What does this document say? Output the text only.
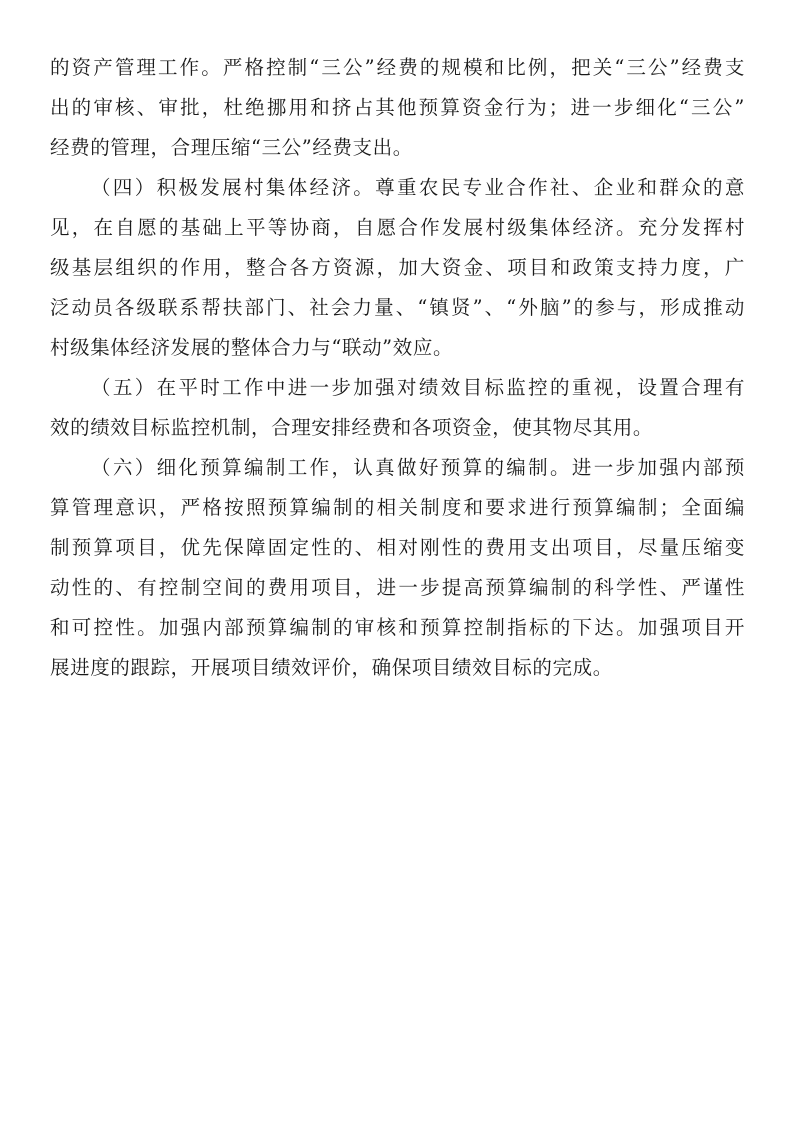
的资产管理工作。严格控制“三公”经费的规模和比例，把关“三公”经费支
出的审核、审批，杜绝挪用和挤占其他预算资金行为；进一步细化“三公”
经费的管理，合理压缩“三公”经费支出。
（四）积极发展村集体经济。尊重农民专业合作社、企业和群众的意
见，在自愿的基础上平等协商，自愿合作发展村级集体经济。充分发挥村
级基层组织的作用，整合各方资源，加大资金、项目和政策支持力度，广
泛动员各级联系帮扶部门、社会力量、“镇贤”、“外脑”的参与，形成推动
村级集体经济发展的整体合力与“联动”效应。
（五）在平时工作中进一步加强对绩效目标监控的重视，设置合理有
效的绩效目标监控机制，合理安排经费和各项资金，使其物尽其用。
（六）细化预算编制工作，认真做好预算的编制。进一步加强内部预
算管理意识，严格按照预算编制的相关制度和要求进行预算编制；全面编
制预算项目，优先保障固定性的、相对刚性的费用支出项目，尽量压缩变
动性的、有控制空间的费用项目，进一步提高预算编制的科学性、严谨性
和可控性。加强内部预算编制的审核和预算控制指标的下达。加强项目开
展进度的跟踪，开展项目绩效评价，确保项目绩效目标的完成。
